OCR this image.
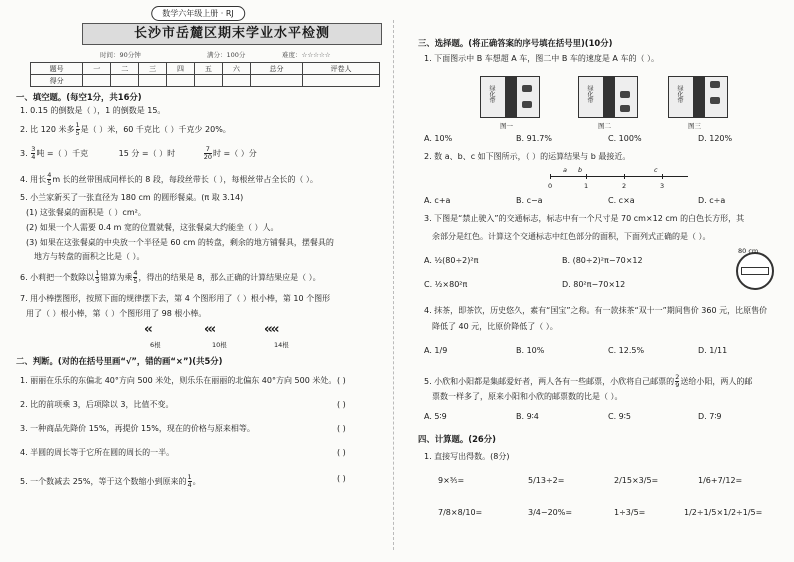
数学六年级上册 · RJ
长沙市岳麓区期末学业水平检测
时间：90分钟	满分：100分	难度：☆☆☆☆☆
题号	一	二	三	四	五	六	总分	评卷人
得分								
一、填空题。(每空1分，共16分)
1. 0.15 的倒数是（ ），1 的倒数是 15。
2. 比 120 米多 $\frac{1}{5}$ 是（ ）米，60 千克比（ ）千克少 20%。
3. $\frac{3}{4}$ 吨 =（ ）千克	15 分 =（ ）时	$\frac{7}{20}$ 时 =（ ）分
4. 用长 $\frac{4}{5}$ m 长的丝带围成同样长的 8 段，每段丝带长（ ），每根丝带占全长的（ ）。
5. 小兰家新买了一张直径为 180 cm 的圆形餐桌。(π 取 3.14)
(1) 这张餐桌的面积是（ ）cm²。
(2) 如果一个人需要 0.4 m 宽的位置就餐，这张餐桌大约能坐（ ）人。
(3) 如果在这张餐桌的中央放一个半径是 60 cm 的转盘，剩余的地方铺餐具，摆餐具的
地方与转盘的面积之比是（ ）。
6. 小莉把一个数除以 $\frac{1}{3}$ 错算为乘 $\frac{4}{5}$ ，得出的结果是 8，那么正确的计算结果应是（ ）。
7. 用小棒摆图形，按照下面的规律摆下去，第 4 个图形用了（ ）根小棒，第 10 个图形
用了（ ）根小棒，第（ ）个图形用了 98 根小棒。
‹‹	‹‹‹	‹‹‹‹
6根	10根	14根
二、判断。(对的在括号里画“√”，错的画“×”)(共5分)
1. 丽丽在乐乐的东偏北 40°方向 500 米处，则乐乐在丽丽的北偏东 40°方向 500 米处。
2. 比的前项乘 3，后项除以 3，比值不变。
3. 一种商品先降价 15%，再提价 15%，现在的价格与原来相等。
4. 半圆的周长等于它所在圆的周长的一半。
5. 一个数减去 25%，等于这个数缩小到原来的 $\frac{1}{4}$ 。
( )
( )
( )
( )
( )
三、选择题。(将正确答案的序号填在括号里)(10分)
1. 下面图示中 B 车想超 A 车，图二中 B 车的速度是 A 车的（ ）。
绿化带	绿化带	绿化带
图一	图二	图三
A. 10%	B. 91.7%	C. 100%	D. 120%
2. 数 a、b、c 如下图所示，（ ）的运算结果与 b 最接近。
0	1	2	3
a b	c
A. c+a	B. c−a	C. c×a	D. c÷a
3. 下图是“禁止驶入”的交通标志，标志中有一个尺寸是 70 cm×12 cm 的白色长方形，其
余部分是红色。计算这个交通标志中红色部分的面积，下面列式正确的是（ ）。
80 cm
A. ½(80÷2)²π	B. (80÷2)²π−70×12
C. ½×80²π	D. 80²π−70×12
4. 抹茶，即茶饮，历史悠久，素有“国宝”之称。有一款抹茶“双十一”期间售价 360 元，比原售价
降低了 40 元，比原价降低了（ ）。
A. 1/9	B. 10%	C. 12.5%	D. 1/11
5. 小欣和小阳都是集邮爱好者，两人各有一些邮票，小欣将自己邮票的 $\frac{2}{9}$ 送给小阳，两人的邮
票数一样多了，原来小阳和小欣的邮票数的比是（ ）。
A. 5∶9	B. 9∶4	C. 9∶5	D. 7∶9
四、计算题。(26分)
1. 直接写出得数。(8分)
9×⅗=	5/13÷2=	2/15×3/5=	1/6+7/12=
7/8×8/10=	3/4−20%=	1÷3/5=	1/2÷1/5×1/2÷1/5=
